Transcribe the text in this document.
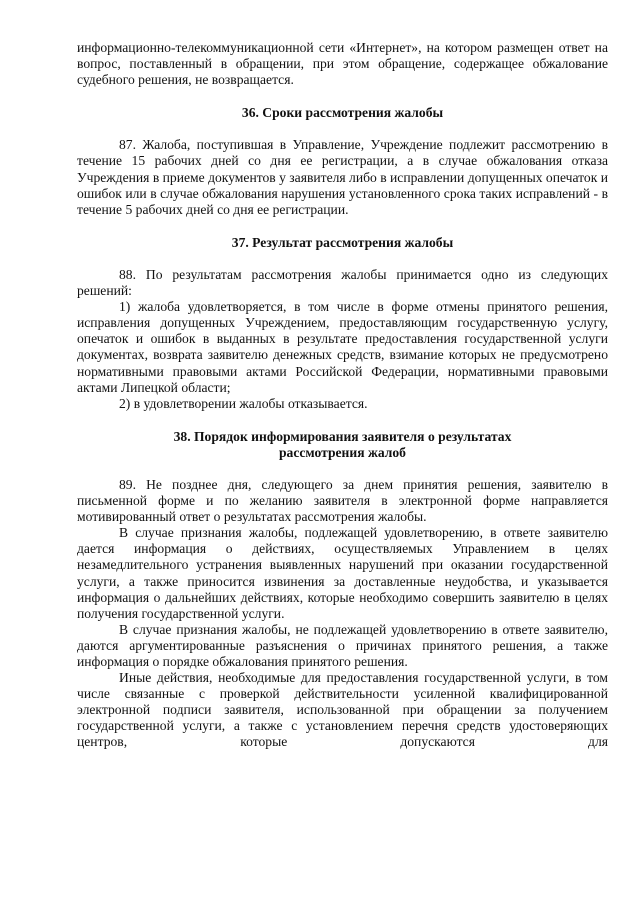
информационно-телекоммуникационной сети «Интернет», на котором размещен ответ на вопрос, поставленный в обращении, при этом обращение, содержащее обжалование судебного решения, не возвращается.

36. Сроки рассмотрения жалобы

87. Жалоба, поступившая в Управление, Учреждение подлежит рассмотрению в течение 15 рабочих дней со дня ее регистрации, а в случае обжалования отказа Учреждения в приеме документов у заявителя либо в исправлении допущенных опечаток и ошибок или в случае обжалования нарушения установленного срока таких исправлений - в течение 5 рабочих дней со дня ее регистрации.

37. Результат рассмотрения жалобы

88. По результатам рассмотрения жалобы принимается одно из следующих решений:

1) жалоба удовлетворяется, в том числе в форме отмены принятого решения, исправления допущенных Учреждением, предоставляющим государственную услугу, опечаток и ошибок в выданных в результате предоставления государственной услуги документах, возврата заявителю денежных средств, взимание которых не предусмотрено нормативными правовыми актами Российской Федерации, нормативными правовыми актами Липецкой области;

2) в удовлетворении жалобы отказывается.

38. Порядок информирования заявителя о результатах

рассмотрения жалоб

89. Не позднее дня, следующего за днем принятия решения, заявителю в письменной форме и по желанию заявителя в электронной форме направляется мотивированный ответ о результатах рассмотрения жалобы.

В случае признания жалобы, подлежащей удовлетворению, в ответе заявителю дается информация о действиях, осуществляемых Управлением в целях незамедлительного устранения выявленных нарушений при оказании государственной услуги, а также приносится извинения за доставленные неудобства, и указывается информация о дальнейших действиях, которые необходимо совершить заявителю в целях получения государственной услуги.

В случае признания жалобы, не подлежащей удовлетворению в ответе заявителю, даются аргументированные разъяснения о причинах принятого решения, а также информация о порядке обжалования принятого решения.

Иные действия, необходимые для предоставления государственной услуги, в том числе связанные с проверкой действительности усиленной квалифицированной электронной подписи заявителя, использованной при обращении за получением государственной услуги, а также с установлением перечня средств удостоверяющих центров, которые допускаются для
